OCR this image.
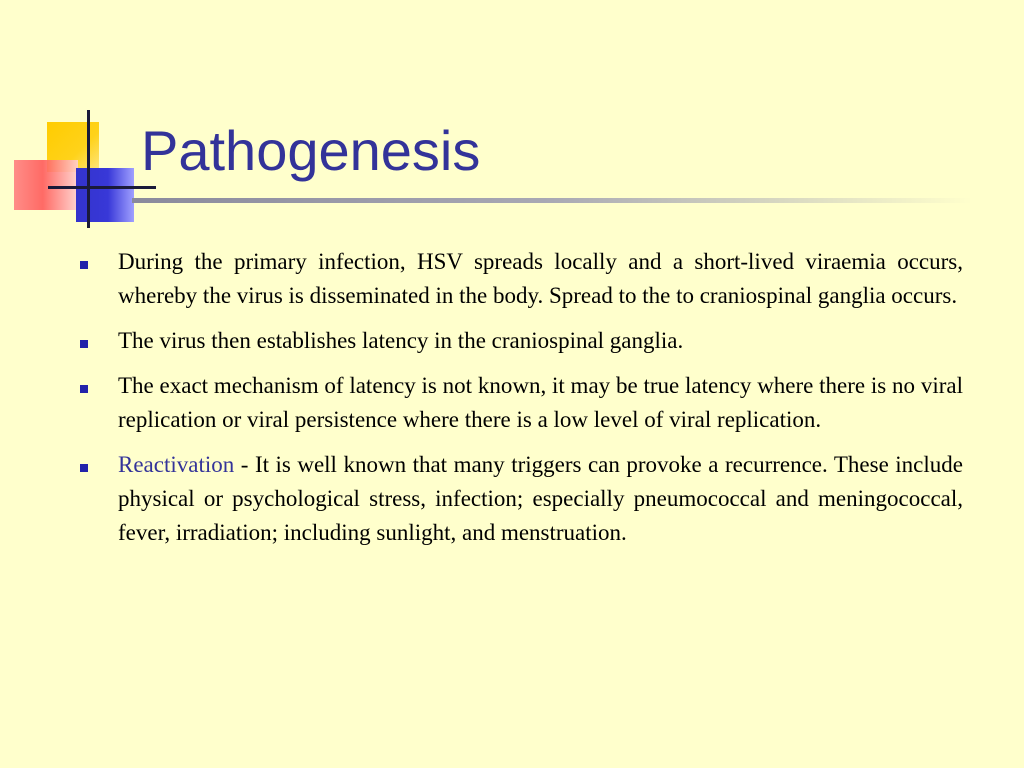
Pathogenesis
During the primary infection, HSV spreads locally and a short-lived viraemia occurs, whereby the virus is disseminated in the body. Spread to the to craniospinal ganglia occurs.
The virus then establishes latency in the craniospinal ganglia.
The exact mechanism of latency is not known, it may be true latency where there is no viral replication or viral persistence where there is a low level of viral replication.
Reactivation - It is well known that many triggers can provoke a recurrence. These include physical or psychological stress, infection; especially pneumococcal and meningococcal, fever, irradiation; including sunlight, and menstruation.
